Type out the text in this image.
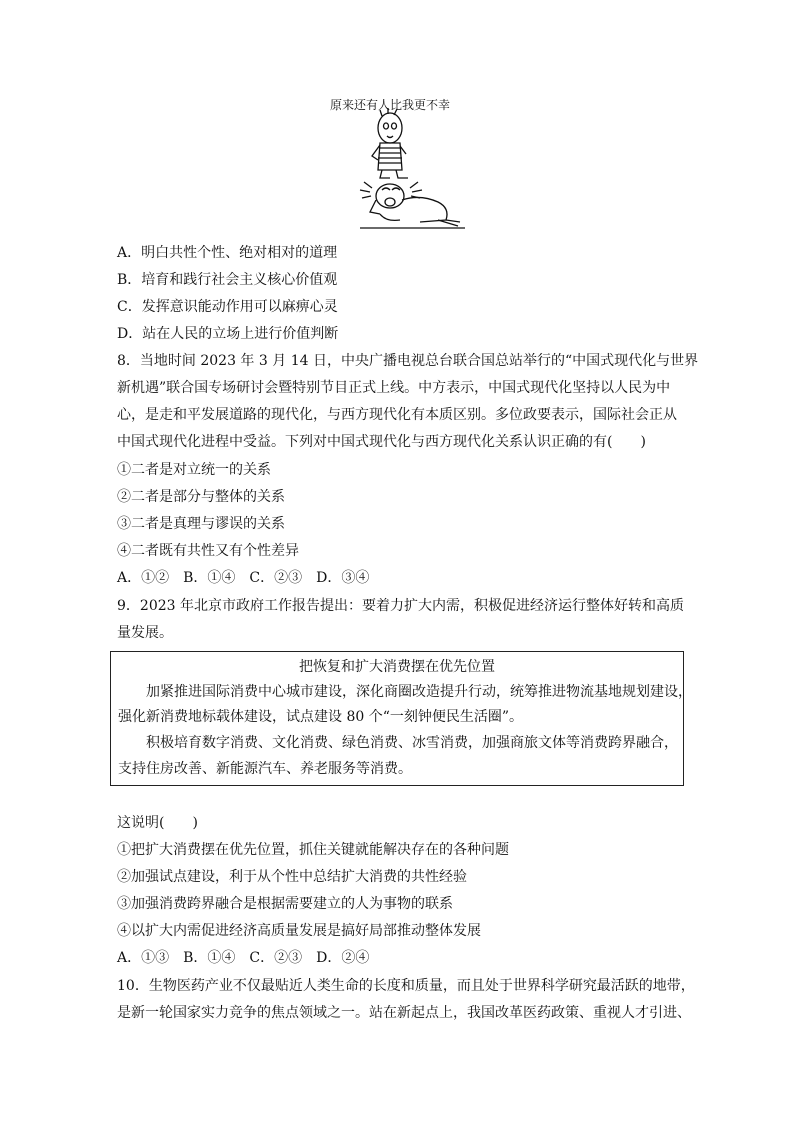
原来还有人比我更不幸
A．明白共性个性、绝对相对的道理
B．培育和践行社会主义核心价值观
C．发挥意识能动作用可以麻痹心灵
D．站在人民的立场上进行价值判断
8．当地时间 2023 年 3 月 14 日，中央广播电视总台联合国总站举行的“中国式现代化与世界
新机遇”联合国专场研讨会暨特别节目正式上线。中方表示，中国式现代化坚持以人民为中
心，是走和平发展道路的现代化，与西方现代化有本质区别。多位政要表示，国际社会正从
中国式现代化进程中受益。下列对中国式现代化与西方现代化关系认识正确的有(　　)
①二者是对立统一的关系
②二者是部分与整体的关系
③二者是真理与谬误的关系
④二者既有共性又有个性差异
A．①②　B．①④　C．②③　D．③④
9．2023 年北京市政府工作报告提出：要着力扩大内需，积极促进经济运行整体好转和高质
量发展。
把恢复和扩大消费摆在优先位置
　　加紧推进国际消费中心城市建设，深化商圈改造提升行动，统筹推进物流基地规划建设，
强化新消费地标载体建设，试点建设 80 个“一刻钟便民生活圈”。
　　积极培育数字消费、文化消费、绿色消费、冰雪消费，加强商旅文体等消费跨界融合，
支持住房改善、新能源汽车、养老服务等消费。
这说明(　　)
①把扩大消费摆在优先位置，抓住关键就能解决存在的各种问题
②加强试点建设，利于从个性中总结扩大消费的共性经验
③加强消费跨界融合是根据需要建立的人为事物的联系
④以扩大内需促进经济高质量发展是搞好局部推动整体发展
A．①③　B．①④　C．②③　D．②④
10．生物医药产业不仅最贴近人类生命的长度和质量，而且处于世界科学研究最活跃的地带，
是新一轮国家实力竞争的焦点领域之一。站在新起点上，我国改革医药政策、重视人才引进、
